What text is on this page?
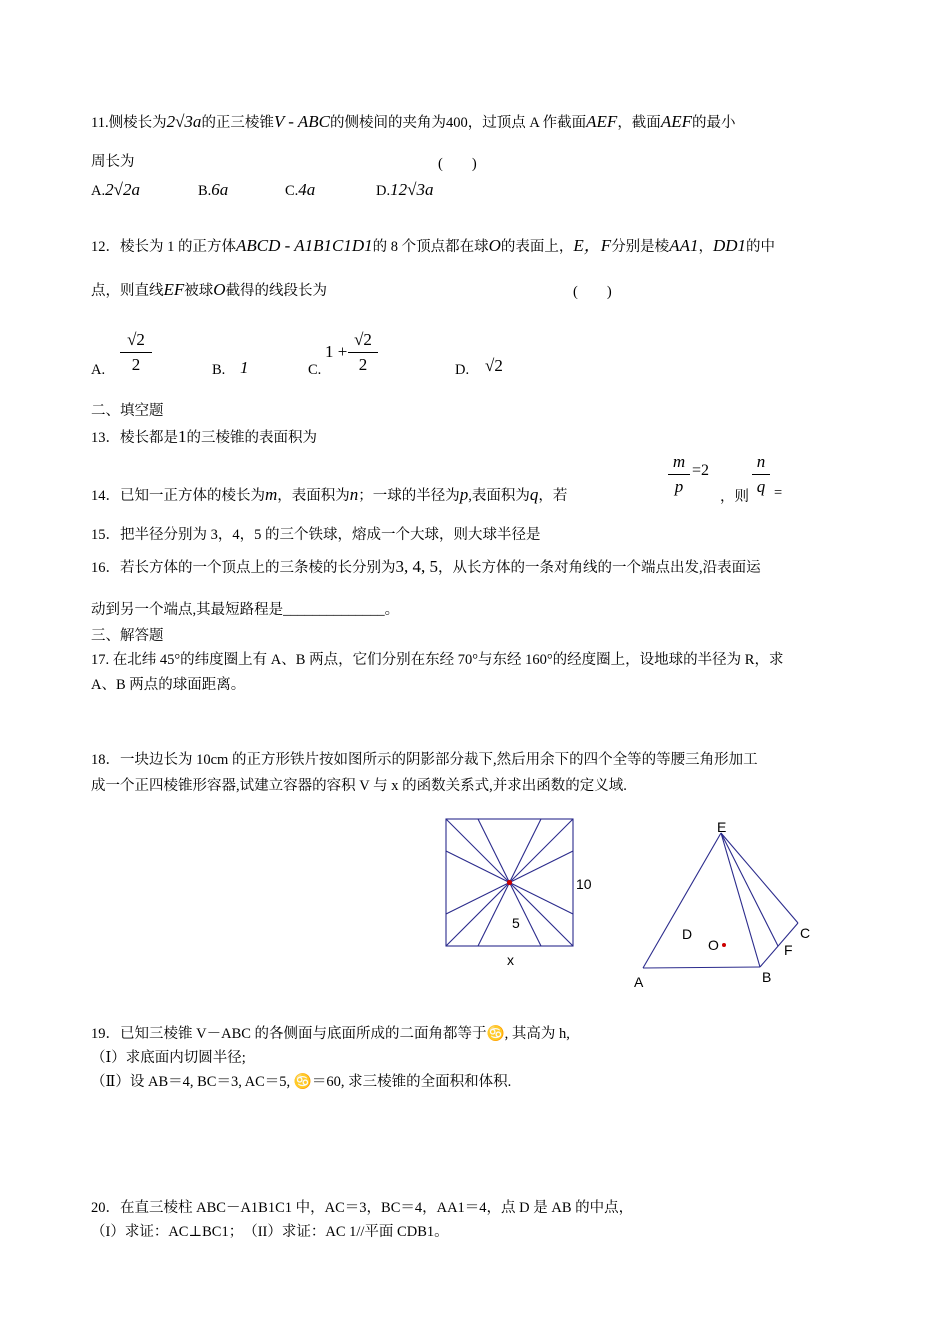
11.侧棱长为2√3a的正三棱锥V - ABC的侧棱间的夹角为400，过顶点 A 作截面AEF，截面AEF的最小
周长为	(　　)
A.2√2a	B.6a	C.4a	D.12√3a
12．棱长为 1 的正方体ABCD - A1B1C1D1的 8 个顶点都在球O的表面上，E，F分别是棱AA1，DD1的中
点，则直线EF被球O截得的线段长为	(　　)
A.
√2
2	B. 1	C.
1 +
√2
2	D. √2
二、填空题
13．棱长都是1的三棱锥的表面积为
14．已知一正方体的棱长为m，表面积为n；一球的半径为p,表面积为q，若
m
p
=2
，则
n
q =
15．把半径分别为 3，4，5 的三个铁球，熔成一个大球，则大球半径是
16．若长方体的一个顶点上的三条棱的长分别为3, 4, 5，从长方体的一条对角线的一个端点出发,沿表面运
动到另一个端点,其最短路程是______________。
三、解答题
17. 在北纬 45°的纬度圈上有 A、B 两点，它们分别在东经 70°与东经 160°的经度圈上，设地球的半径为 R，求
A、B 两点的球面距离。
18．一块边长为 10cm 的正方形铁片按如图所示的阴影部分裁下,然后用余下的四个全等的等腰三角形加工
成一个正四棱锥形容器,试建立容器的容积 V 与 x 的函数关系式,并求出函数的定义域.
10
5
x
E
D
O
C
F
A	B
19．已知三棱锥 V－ABC 的各侧面与底面所成的二面角都等于♋, 其高为 h,
（Ⅰ）求底面内切圆半径;
（Ⅱ）设 AB＝4, BC＝3, AC＝5, ♋＝60, 求三棱锥的全面积和体积.
20．在直三棱柱 ABC－A1B1C1 中，AC＝3，BC＝4，AA1＝4，点 D 是 AB 的中点，
（I）求证：AC⊥BC1；　（II）求证：AC 1//平面 CDB1。
